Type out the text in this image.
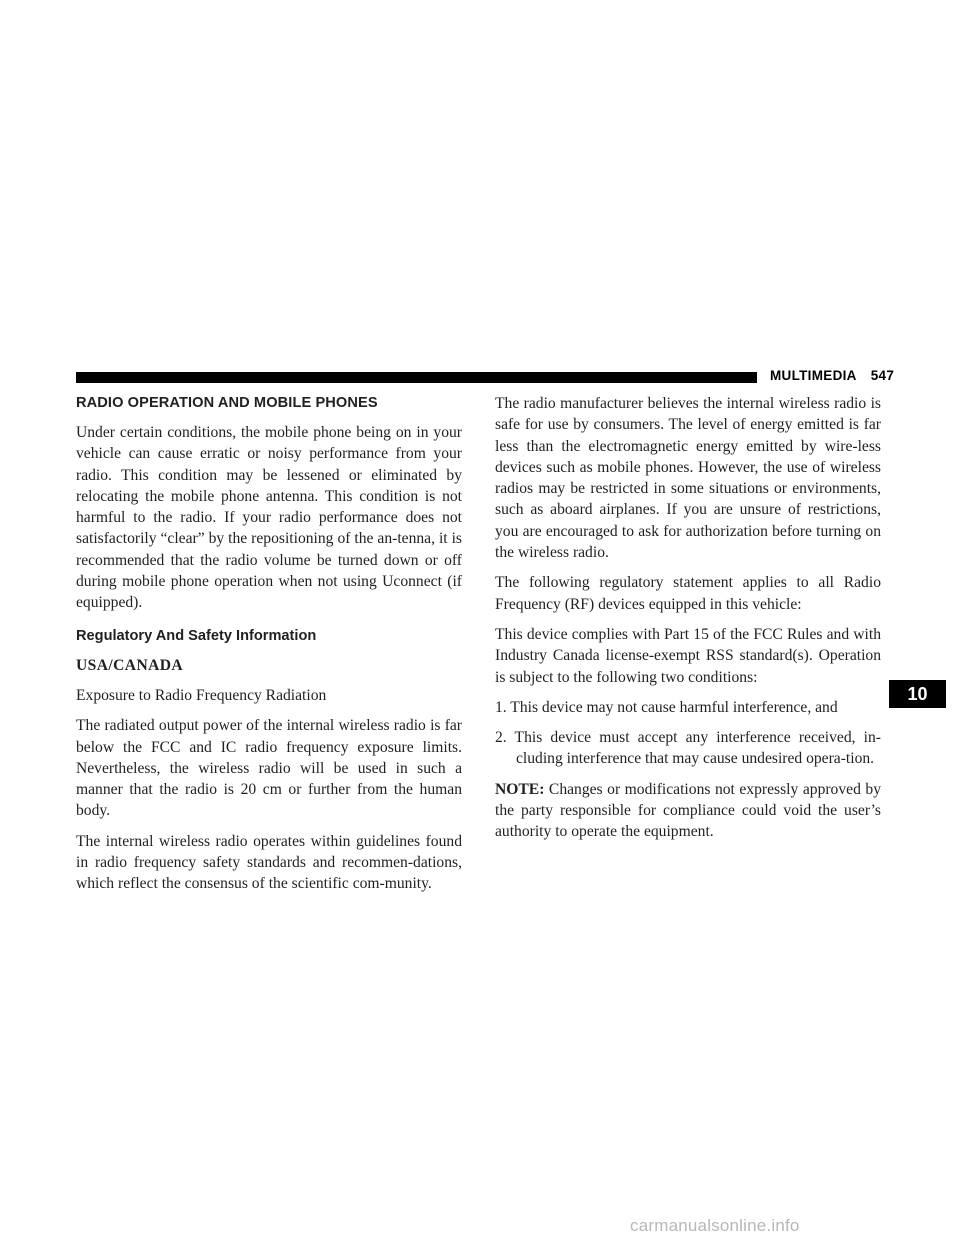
MULTIMEDIA 547
RADIO OPERATION AND MOBILE PHONES

Under certain conditions, the mobile phone being on in your vehicle can cause erratic or noisy performance from your radio. This condition may be lessened or eliminated by relocating the mobile phone antenna. This condition is not harmful to the radio. If your radio performance does not satisfactorily “clear” by the repositioning of the an-tenna, it is recommended that the radio volume be turned down or off during mobile phone operation when not using Uconnect (if equipped).

Regulatory And Safety Information
USA/CANADA

Exposure to Radio Frequency Radiation

The radiated output power of the internal wireless radio is far below the FCC and IC radio frequency exposure limits. Nevertheless, the wireless radio will be used in such a manner that the radio is 20 cm or further from the human body.

The internal wireless radio operates within guidelines found in radio frequency safety standards and recommen-dations, which reflect the consensus of the scientific com-munity.

The radio manufacturer believes the internal wireless radio is safe for use by consumers. The level of energy emitted is far less than the electromagnetic energy emitted by wire-less devices such as mobile phones. However, the use of wireless radios may be restricted in some situations or environments, such as aboard airplanes. If you are unsure of restrictions, you are encouraged to ask for authorization before turning on the wireless radio.

The following regulatory statement applies to all Radio Frequency (RF) devices equipped in this vehicle:

This device complies with Part 15 of the FCC Rules and with Industry Canada license-exempt RSS standard(s). Operation is subject to the following two conditions:

1. This device may not cause harmful interference, and
2. This device must accept any interference received, in-cluding interference that may cause undesired opera-tion.

NOTE: Changes or modifications not expressly approved by the party responsible for compliance could void the user’s authority to operate the equipment.

10
carmanualsonline.info
